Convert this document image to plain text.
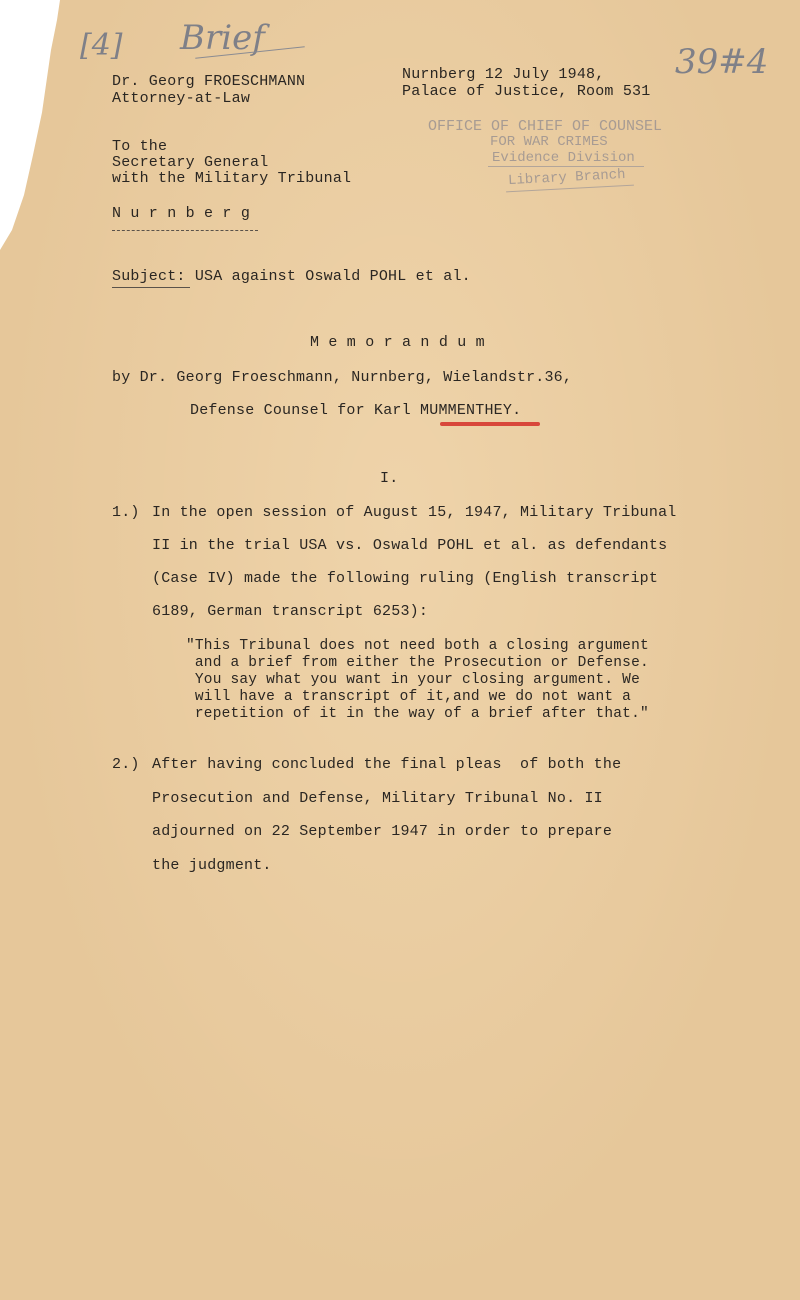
[4] Brief
39#4
Dr. Georg FROESCHMANN
Attorney-at-Law
Nurnberg 12 July 1948,
Palace of Justice, Room 531
OFFICE OF CHIEF OF COUNSEL
FOR WAR CRIMES
Evidence Division
Library Branch
To the
Secretary General
with the Military Tribunal
N u r n b e r g
Subject: USA against Oswald POHL et al.
M e m o r a n d u m
by Dr. Georg Froeschmann, Nurnberg, Wielandstr.36,
Defense Counsel for Karl MUMMENTHEY.
I.
1.) In the open session of August 15, 1947, Military Tribunal
II in the trial USA vs. Oswald POHL et al. as defendants
(Case IV) made the following ruling (English transcript
6189, German transcript 6253):
"This Tribunal does not need both a closing argument
and a brief from either the Prosecution or Defense.
You say what you want in your closing argument. We
will have a transcript of it,and we do not want a
repetition of it in the way of a brief after that."
2.) After having concluded the final pleas  of both the
Prosecution and Defense, Military Tribunal No. II
adjourned on 22 September 1947 in order to prepare
the judgment.
